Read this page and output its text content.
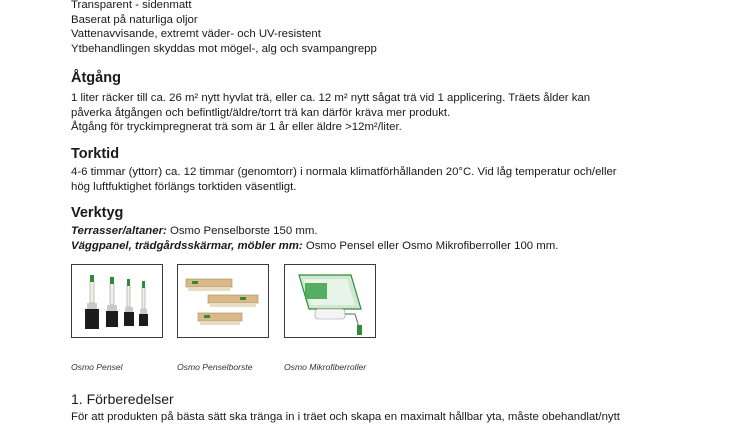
Transparent - sidenmatt
Baserat på naturliga oljor
Vattenavvisande, extremt väder- och UV-resistent
Ytbehandlingen skyddas mot mögel-, alg och svampangrepp
Åtgång
1 liter räcker till ca. 26 m² nytt hyvlat trä, eller ca. 12 m² nytt sågat trä vid 1 applicering. Träets ålder kan
påverka åtgången och befintligt/äldre/torrt trä kan därför kräva mer produkt.
Åtgång för tryckimpregnerat trä som är 1 år eller äldre >12m²/liter.
Torktid
4-6 timmar (yttorr) ca. 12 timmar (genomtorr) i normala klimatförhållanden 20°C. Vid låg temperatur och/eller
hög luftfuktighet förlängs torktiden väsentligt.
Verktyg
Terrasser/altaner: Osmo Penselborste 150 mm.
Väggpanel, trädgårdsskärmar, möbler mm: Osmo Pensel eller Osmo Mikrofiberroller 100 mm.
Osmo Pensel	Osmo Penselborste	Osmo Mikrofiberroller
1. Förberedelser
För att produkten på bästa sätt ska tränga in i träet och skapa en maximalt hållbar yta, måste obehandlat/nytt
